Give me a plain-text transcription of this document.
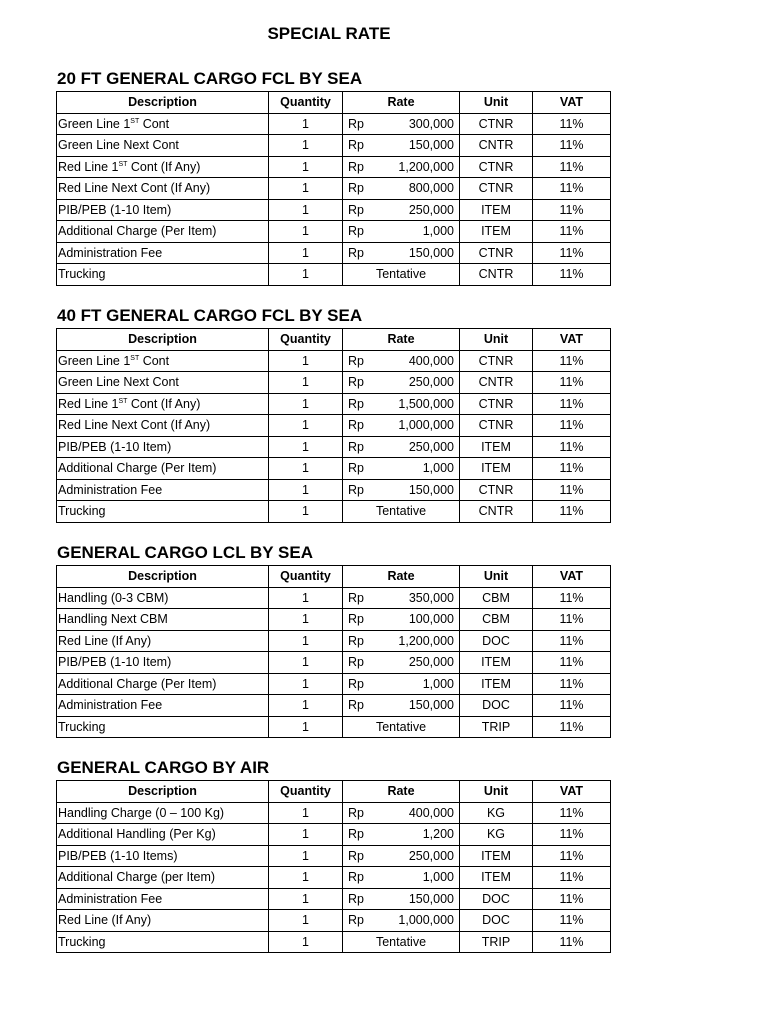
SPECIAL RATE
20 FT GENERAL CARGO FCL BY SEA
Description	Quantity	Rate	Unit	VAT
Green Line 1ST Cont	1	Rp 300,000	CTNR	11%
Green Line Next Cont	1	Rp 150,000	CNTR	11%
Red Line 1ST Cont (If Any)	1	Rp 1,200,000	CTNR	11%
Red Line Next Cont (If Any)	1	Rp 800,000	CTNR	11%
PIB/PEB (1-10 Item)	1	Rp 250,000	ITEM	11%
Additional Charge (Per Item)	1	Rp 1,000	ITEM	11%
Administration Fee	1	Rp 150,000	CTNR	11%
Trucking	1	Tentative	CNTR	11%
40 FT GENERAL CARGO FCL BY SEA
Description	Quantity	Rate	Unit	VAT
Green Line 1ST Cont	1	Rp 400,000	CTNR	11%
Green Line Next Cont	1	Rp 250,000	CNTR	11%
Red Line 1ST Cont (If Any)	1	Rp 1,500,000	CTNR	11%
Red Line Next Cont (If Any)	1	Rp 1,000,000	CTNR	11%
PIB/PEB (1-10 Item)	1	Rp 250,000	ITEM	11%
Additional Charge (Per Item)	1	Rp 1,000	ITEM	11%
Administration Fee	1	Rp 150,000	CTNR	11%
Trucking	1	Tentative	CNTR	11%
GENERAL CARGO LCL BY SEA
Description	Quantity	Rate	Unit	VAT
Handling (0-3 CBM)	1	Rp 350,000	CBM	11%
Handling Next CBM	1	Rp 100,000	CBM	11%
Red Line (If Any)	1	Rp 1,200,000	DOC	11%
PIB/PEB (1-10 Item)	1	Rp 250,000	ITEM	11%
Additional Charge (Per Item)	1	Rp 1,000	ITEM	11%
Administration Fee	1	Rp 150,000	DOC	11%
Trucking	1	Tentative	TRIP	11%
GENERAL CARGO BY AIR
Description	Quantity	Rate	Unit	VAT
Handling Charge (0 – 100 Kg)	1	Rp 400,000	KG	11%
Additional Handling (Per Kg)	1	Rp 1,200	KG	11%
PIB/PEB (1-10 Items)	1	Rp 250,000	ITEM	11%
Additional Charge (per Item)	1	Rp 1,000	ITEM	11%
Administration Fee	1	Rp 150,000	DOC	11%
Red Line (If Any)	1	Rp 1,000,000	DOC	11%
Trucking	1	Tentative	TRIP	11%
